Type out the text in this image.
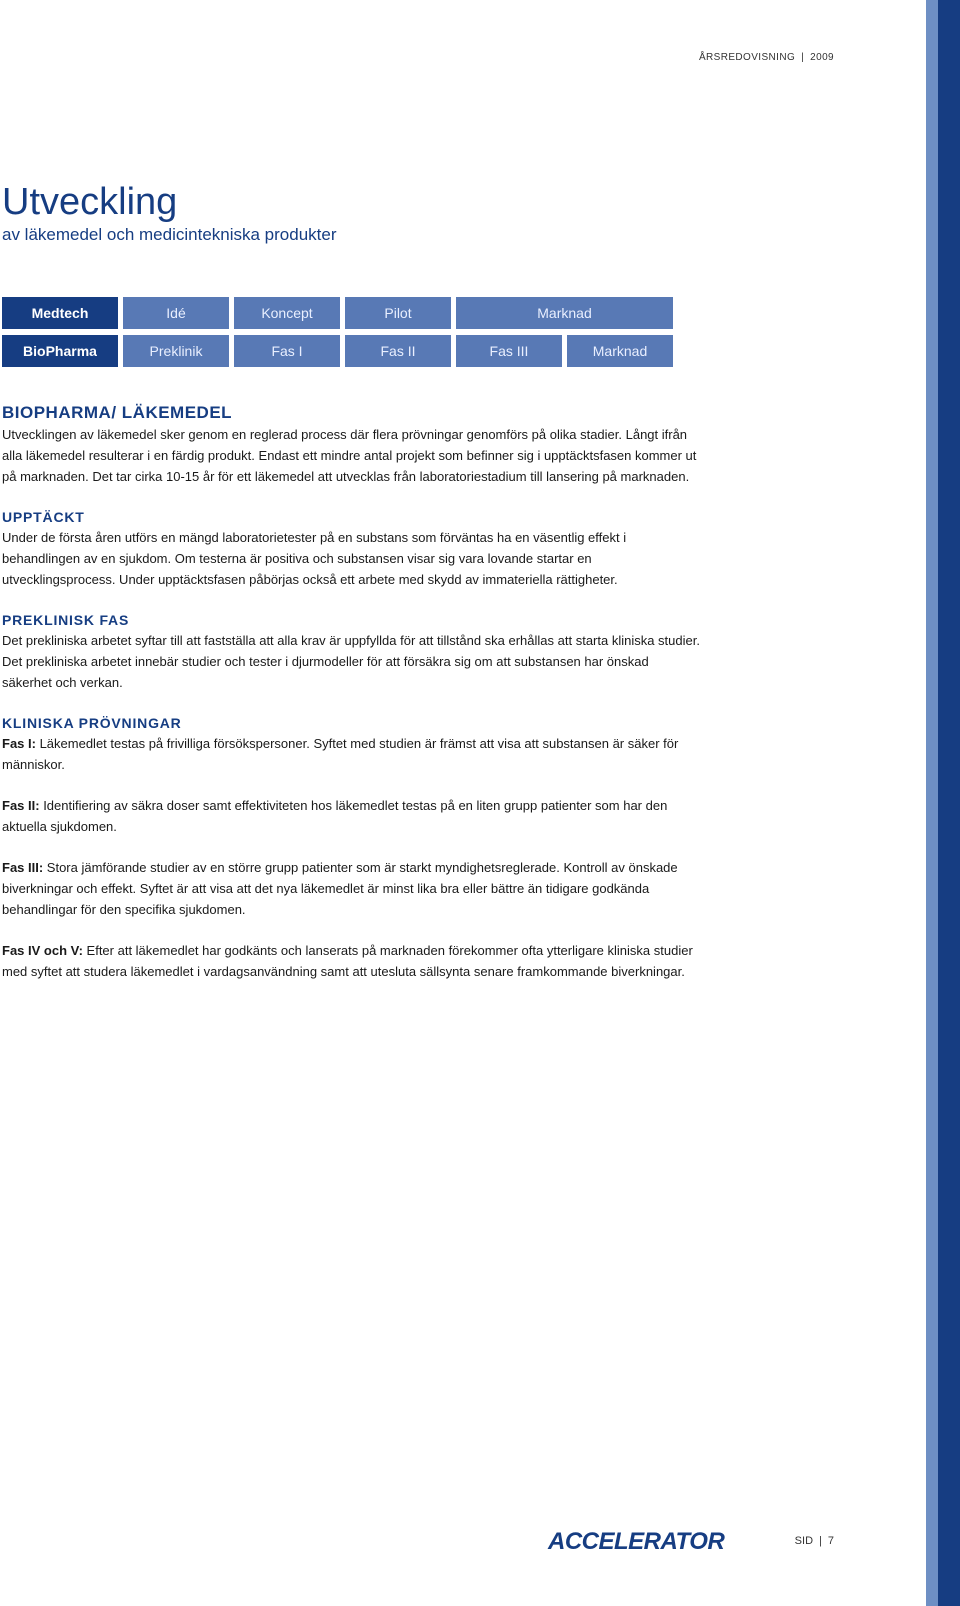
ÅRSREDOVISNING | 2009
Utveckling
av läkemedel och medicintekniska produkter
Medtech	Idé	Koncept	Pilot	Marknad
BioPharma	Preklinik	Fas I	Fas II	Fas III	Marknad
BIOPHARMA/ LÄKEMEDEL

Utvecklingen av läkemedel sker genom en reglerad process där flera prövningar genomförs på olika stadier. Långt ifrån alla läkemedel resulterar i en färdig produkt. Endast ett mindre antal projekt som befinner sig i upptäcktsfasen kommer ut på marknaden. Det tar cirka 10-15 år för ett läkemedel att utvecklas från laboratoriestadium till lansering på marknaden.

UPPTÄCKT

Under de första åren utförs en mängd laboratorietester på en substans som förväntas ha en väsentlig effekt i behandlingen av en sjukdom. Om testerna är positiva och substansen visar sig vara lovande startar en utvecklingsprocess. Under upptäcktsfasen påbörjas också ett arbete med skydd av immateriella rättigheter.

PREKLINISK FAS

Det prekliniska arbetet syftar till att fastställa att alla krav är uppfyllda för att tillstånd ska erhållas att starta kliniska studier. Det prekliniska arbetet innebär studier och tester i djurmodeller för att försäkra sig om att substansen har önskad säkerhet och verkan.

KLINISKA PRÖVNINGAR

Fas I: Läkemedlet testas på frivilliga försökspersoner. Syftet med studien är främst att visa att substansen är säker för människor.

Fas II: Identifiering av säkra doser samt effektiviteten hos läkemedlet testas på en liten grupp patienter som har den aktuella sjukdomen.

Fas III: Stora jämförande studier av en större grupp patienter som är starkt myndighetsreglerade. Kontroll av önskade biverkningar och effekt. Syftet är att visa att det nya läkemedlet är minst lika bra eller bättre än tidigare godkända behandlingar för den specifika sjukdomen.

Fas IV och V: Efter att läkemedlet har godkänts och lanserats på marknaden förekommer ofta ytterligare kliniska studier med syftet att studera läkemedlet i vardagsanvändning samt att utesluta sällsynta senare framkommande biverkningar.

ACCELERATOR	SID | 7
